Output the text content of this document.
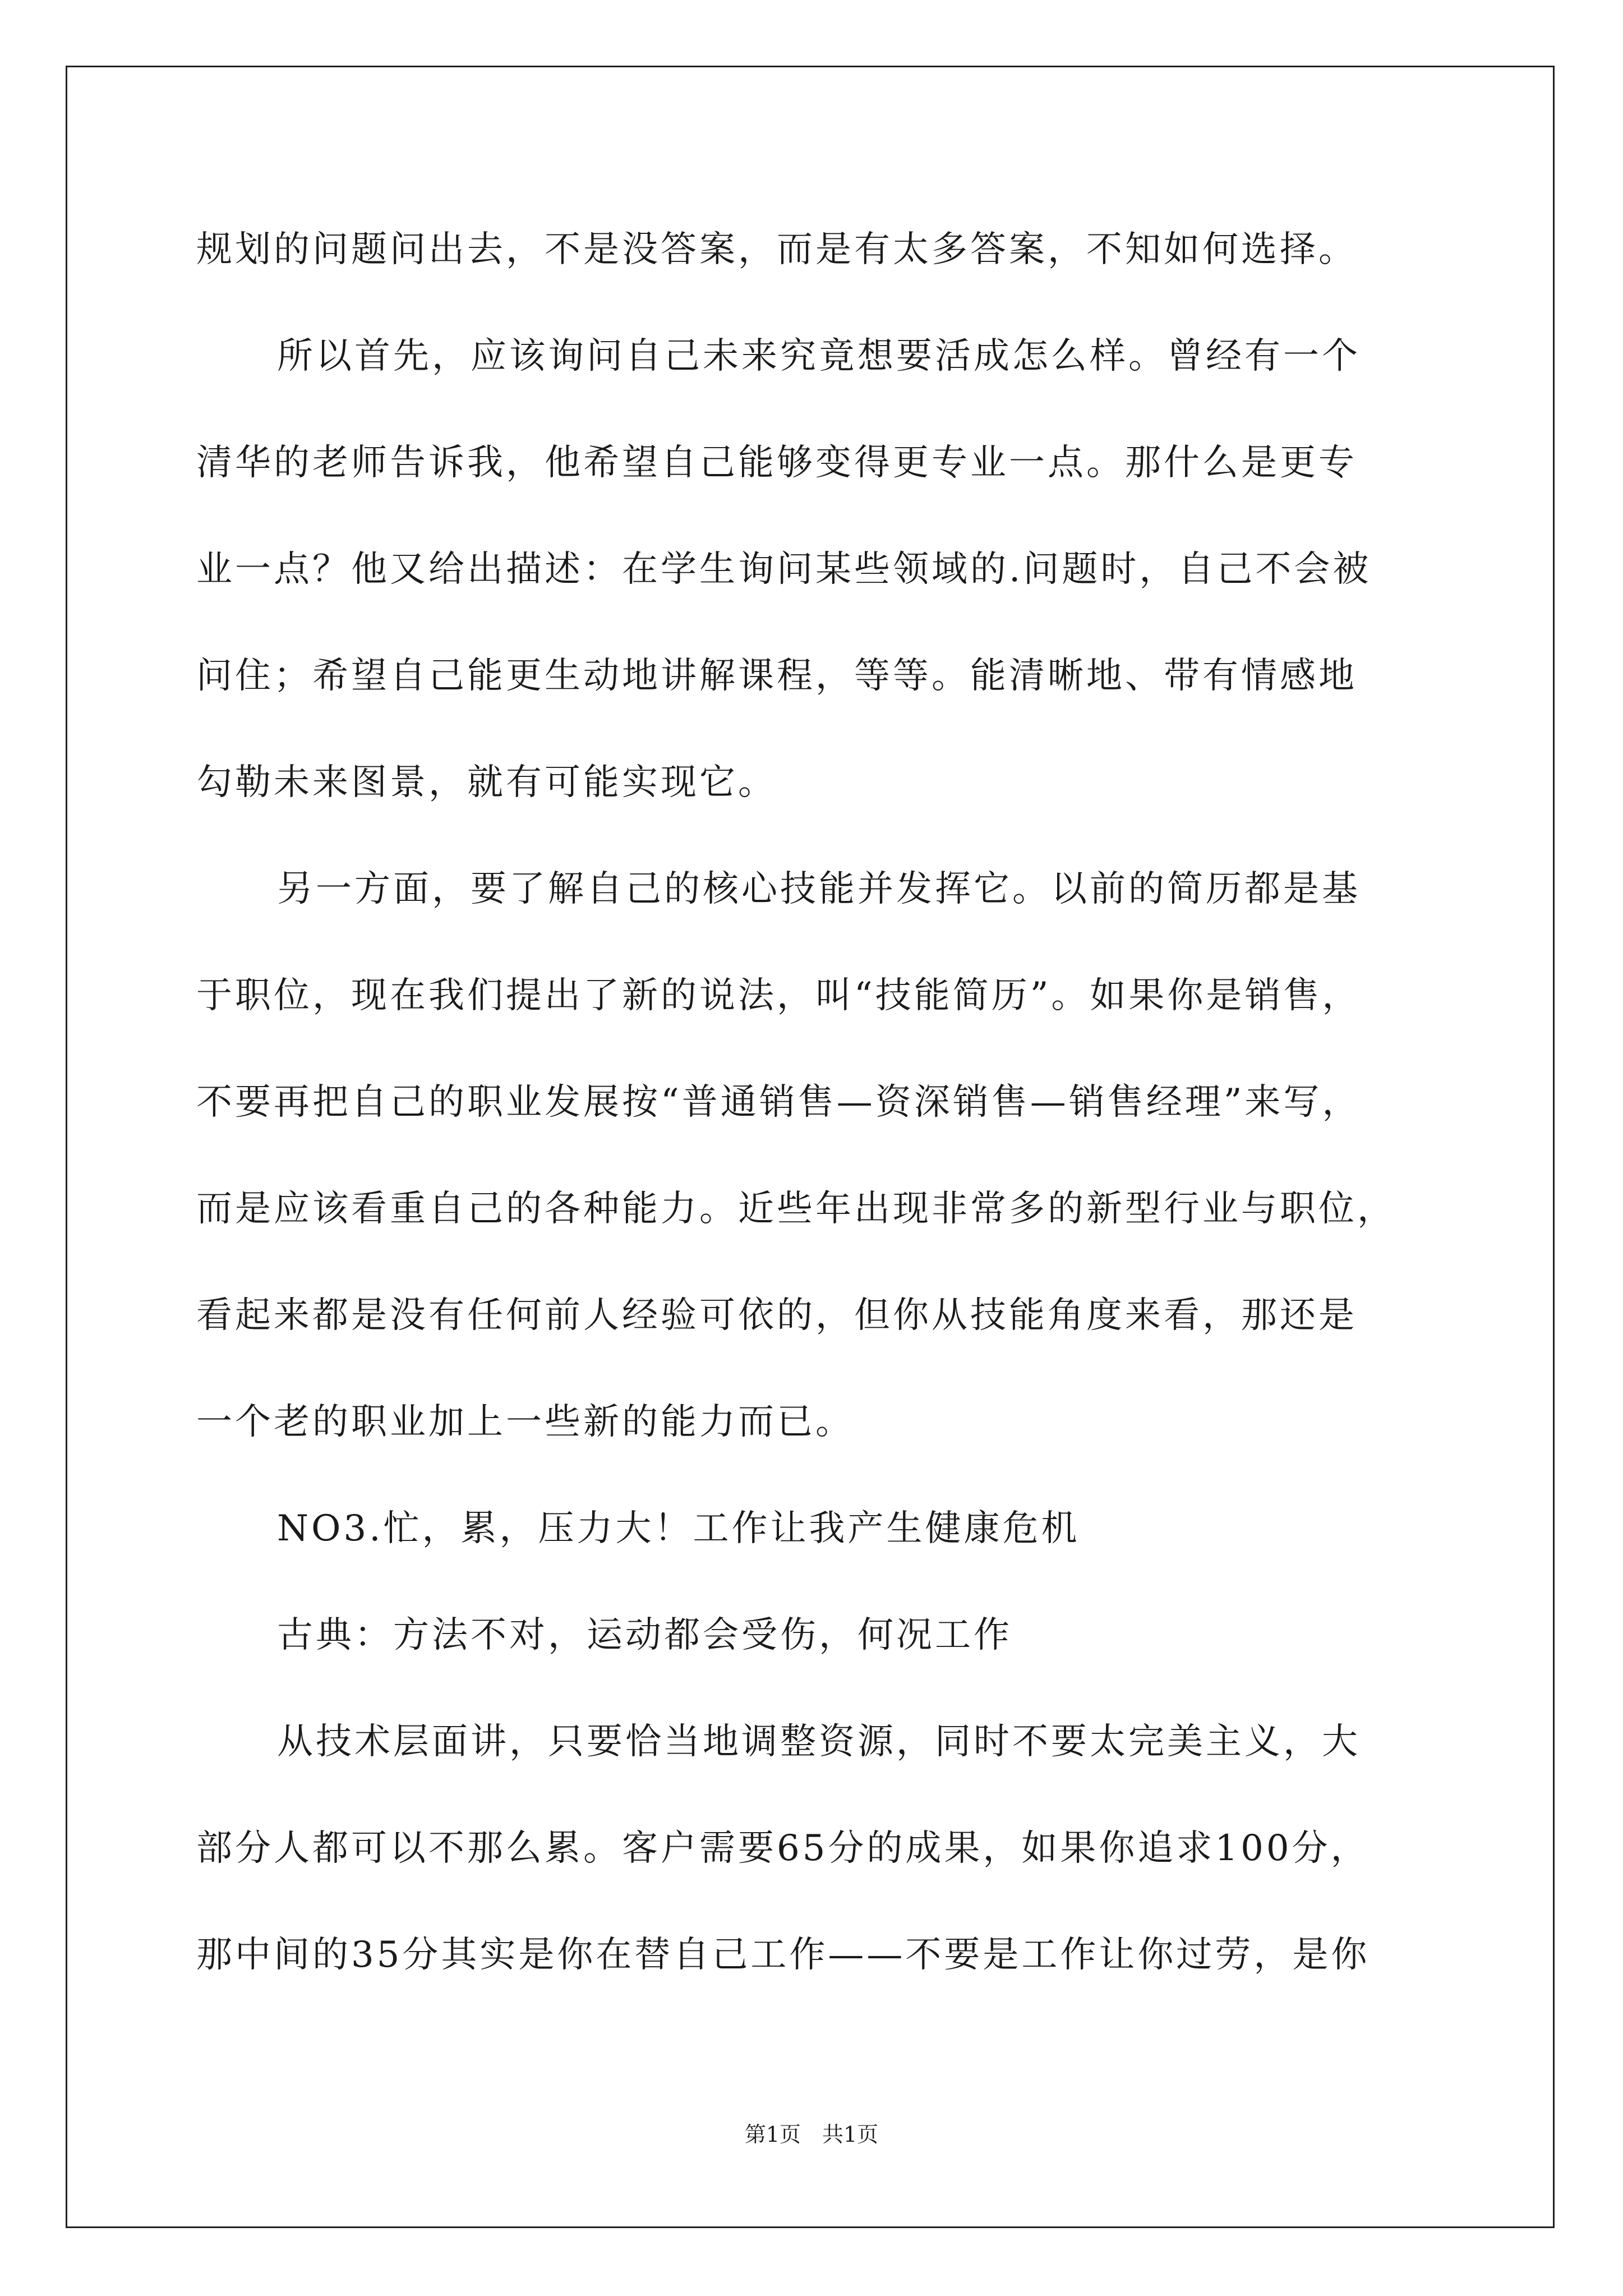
规划的问题问出去，不是没答案，而是有太多答案，不知如何选择。
所以首先，应该询问自己未来究竟想要活成怎么样。曾经有一个
清华的老师告诉我，他希望自己能够变得更专业一点。那什么是更专
业一点？他又给出描述：在学生询问某些领域的.问题时，自己不会被
问住；希望自己能更生动地讲解课程，等等。能清晰地、带有情感地
勾勒未来图景，就有可能实现它。
另一方面，要了解自己的核心技能并发挥它。以前的简历都是基
于职位，现在我们提出了新的说法，叫“技能简历”。如果你是销售，
不要再把自己的职业发展按“普通销售—资深销售—销售经理”来写，
而是应该看重自己的各种能力。近些年出现非常多的新型行业与职位，
看起来都是没有任何前人经验可依的，但你从技能角度来看，那还是
一个老的职业加上一些新的能力而已。
NO3.忙，累，压力大！工作让我产生健康危机
古典：方法不对，运动都会受伤，何况工作
从技术层面讲，只要恰当地调整资源，同时不要太完美主义，大
部分人都可以不那么累。客户需要65分的成果，如果你追求100分，
那中间的35分其实是你在替自己工作——不要是工作让你过劳，是你
第1页　共1页
